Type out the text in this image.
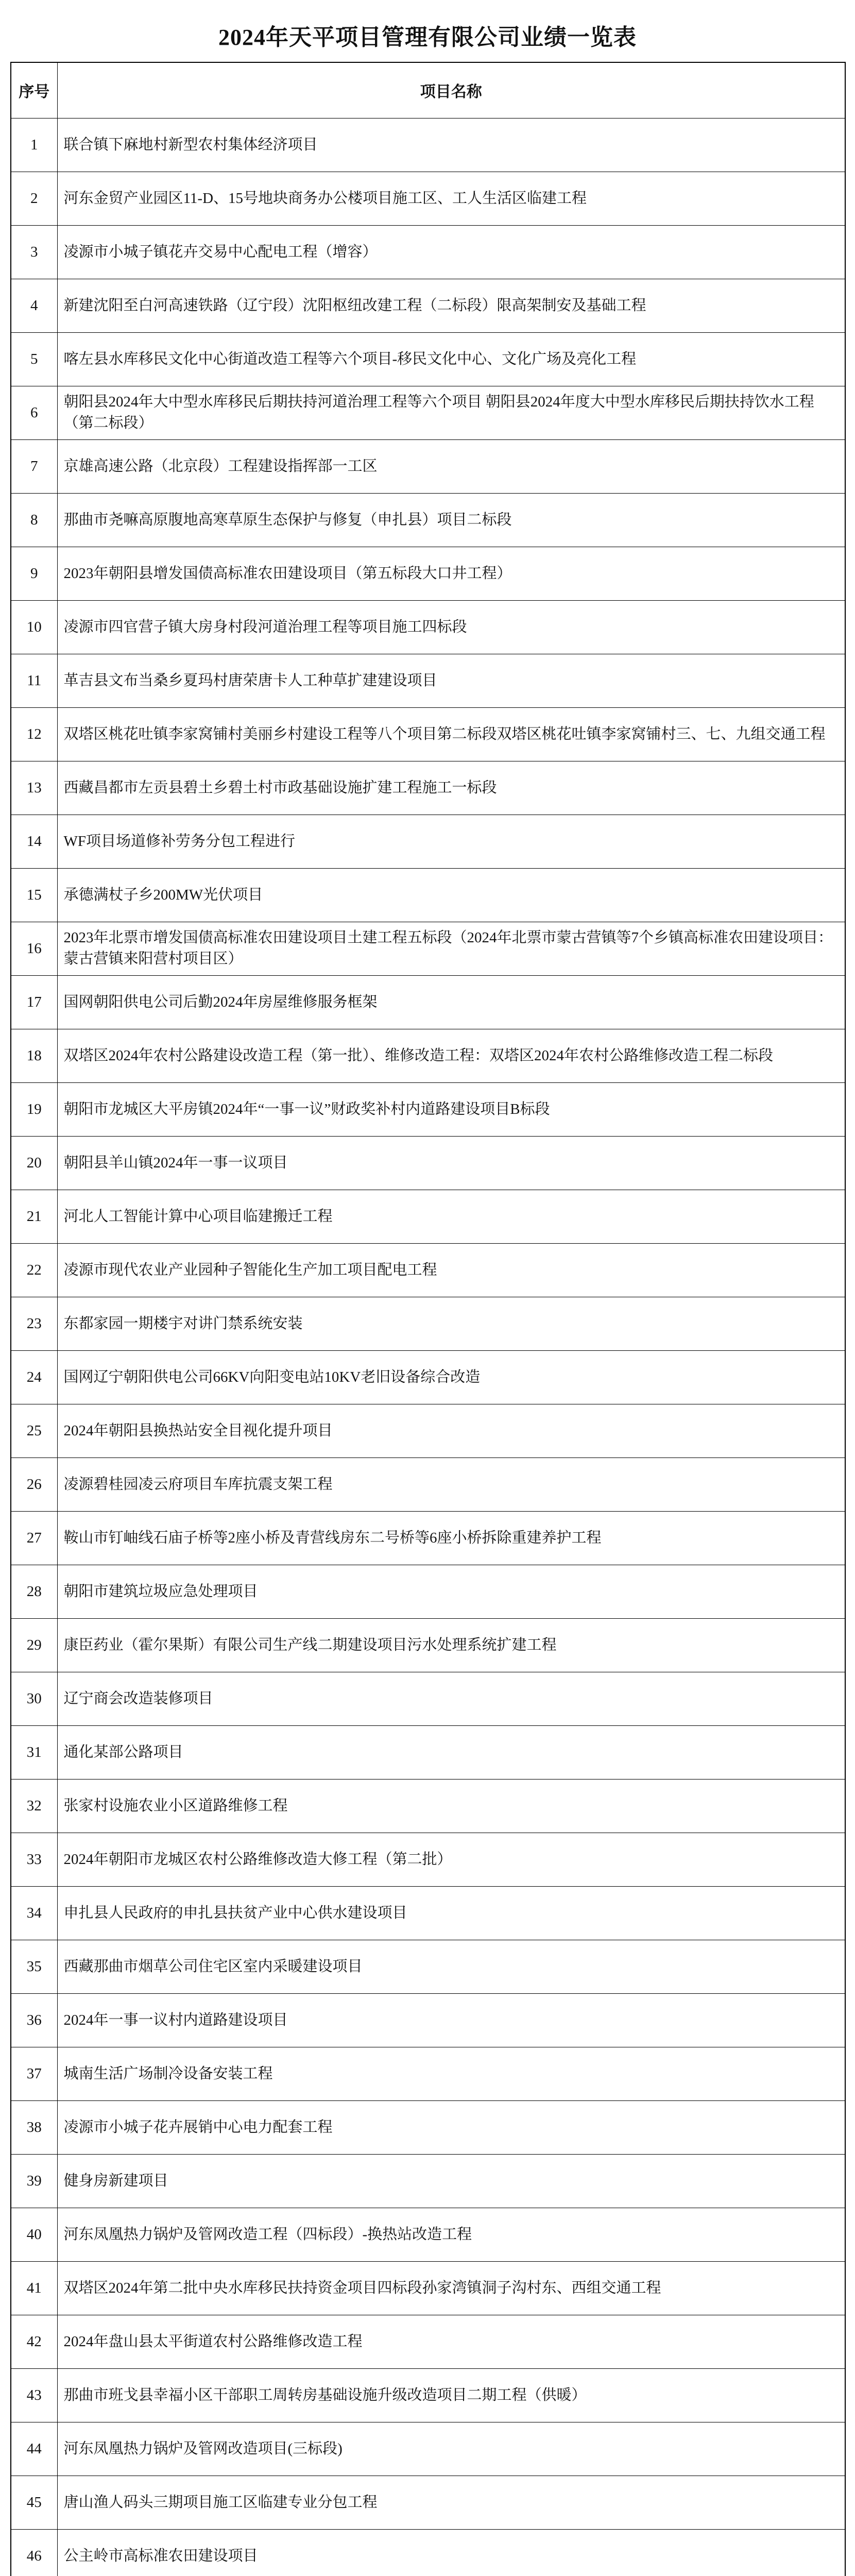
2024年天平项目管理有限公司业绩一览表
序号	项目名称
1	联合镇下麻地村新型农村集体经济项目
2	河东金贸产业园区11-D、15号地块商务办公楼项目施工区、工人生活区临建工程
3	凌源市小城子镇花卉交易中心配电工程（增容）
4	新建沈阳至白河高速铁路（辽宁段）沈阳枢纽改建工程（二标段）限高架制安及基础工程
5	喀左县水库移民文化中心街道改造工程等六个项目-移民文化中心、文化广场及亮化工程
6	朝阳县2024年大中型水库移民后期扶持河道治理工程等六个项目 朝阳县2024年度大中型水库移民后期扶持饮水工程（第二标段）
7	京雄高速公路（北京段）工程建设指挥部一工区
8	那曲市尧嘛高原腹地高寒草原生态保护与修复（申扎县）项目二标段
9	2023年朝阳县增发国债高标准农田建设项目（第五标段大口井工程）
10	凌源市四官营子镇大房身村段河道治理工程等项目施工四标段
11	革吉县文布当桑乡夏玛村唐荣唐卡人工种草扩建建设项目
12	双塔区桃花吐镇李家窝铺村美丽乡村建设工程等八个项目第二标段双塔区桃花吐镇李家窝铺村三、七、九组交通工程
13	西藏昌都市左贡县碧土乡碧土村市政基础设施扩建工程施工一标段
14	WF项目场道修补劳务分包工程进行
15	承德满杖子乡200MW光伏项目
16	2023年北票市增发国债高标准农田建设项目土建工程五标段（2024年北票市蒙古营镇等7个乡镇高标准农田建设项目：蒙古营镇来阳营村项目区）
17	国网朝阳供电公司后勤2024年房屋维修服务框架
18	双塔区2024年农村公路建设改造工程（第一批）、维修改造工程：双塔区2024年农村公路维修改造工程二标段
19	朝阳市龙城区大平房镇2024年“一事一议”财政奖补村内道路建设项目B标段
20	朝阳县羊山镇2024年一事一议项目
21	河北人工智能计算中心项目临建搬迁工程
22	凌源市现代农业产业园种子智能化生产加工项目配电工程
23	东都家园一期楼宇对讲门禁系统安装
24	国网辽宁朝阳供电公司66KV向阳变电站10KV老旧设备综合改造
25	2024年朝阳县换热站安全目视化提升项目
26	凌源碧桂园凌云府项目车库抗震支架工程
27	鞍山市钉岫线石庙子桥等2座小桥及青营线房东二号桥等6座小桥拆除重建养护工程
28	朝阳市建筑垃圾应急处理项目
29	康臣药业（霍尔果斯）有限公司生产线二期建设项目污水处理系统扩建工程
30	辽宁商会改造装修项目
31	通化某部公路项目
32	张家村设施农业小区道路维修工程
33	2024年朝阳市龙城区农村公路维修改造大修工程（第二批）
34	申扎县人民政府的申扎县扶贫产业中心供水建设项目
35	西藏那曲市烟草公司住宅区室内采暖建设项目
36	2024年一事一议村内道路建设项目
37	城南生活广场制冷设备安装工程
38	凌源市小城子花卉展销中心电力配套工程
39	健身房新建项目
40	河东凤凰热力锅炉及管网改造工程（四标段）-换热站改造工程
41	双塔区2024年第二批中央水库移民扶持资金项目四标段孙家湾镇洞子沟村东、西组交通工程
42	2024年盘山县太平街道农村公路维修改造工程
43	那曲市班戈县幸福小区干部职工周转房基础设施升级改造项目二期工程（供暖）
44	河东凤凰热力锅炉及管网改造项目(三标段)
45	唐山渔人码头三期项目施工区临建专业分包工程
46	公主岭市高标准农田建设项目
